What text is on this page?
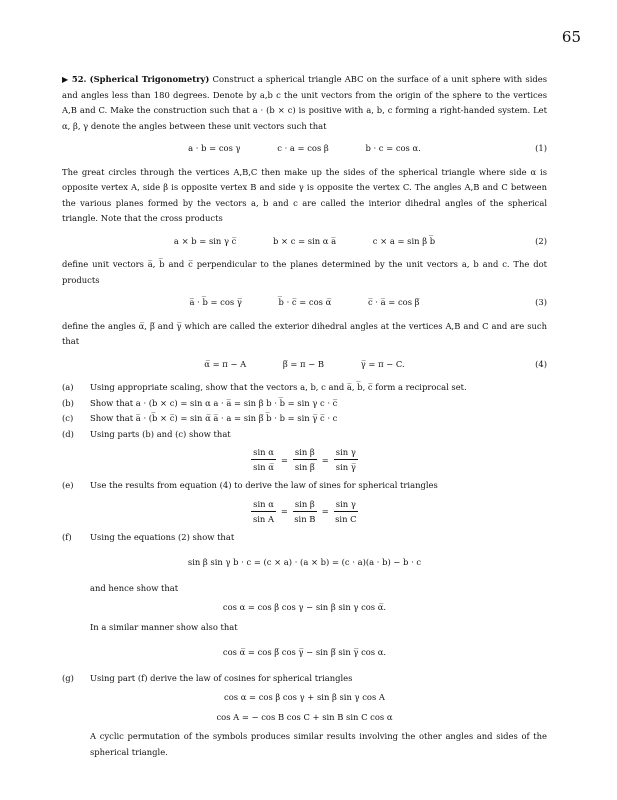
65

▶ 52. (Spherical Trigonometry) Construct a spherical triangle ABC on the surface of a unit sphere with sides and angles less than 180 degrees. Denote by a,b c the unit vectors from the origin of the sphere to the vertices A,B and C. Make the construction such that a · (b × c) is positive with a, b, c forming a right-handed system. Let α, β, γ denote the angles between these unit vectors such that

a · b = cos γ	c · a = cos β	b · c = cos α.	(1)

The great circles through the vertices A,B,C then make up the sides of the spherical triangle where side α is opposite vertex A, side β is opposite vertex B and side γ is opposite the vertex C. The angles A,B and C between the various planes formed by the vectors a, b and c are called the interior dihedral angles of the spherical triangle. Note that the cross products

a × b = sin γ c̅	b × c = sin α a̅	c × a = sin β b̅	(2)

define unit vectors a̅, b̅ and c̅ perpendicular to the planes determined by the unit vectors a, b and c. The dot products

a̅ · b̅ = cos γ̅	b̅ · c̅ = cos α̅	c̅ · a̅ = cos β̅	(3)

define the angles α̅, β̅ and γ̅ which are called the exterior dihedral angles at the vertices A,B and C and are such that

α̅ = π − A	β̅ = π − B	γ̅ = π − C.	(4)
(a) Using appropriate scaling, show that the vectors a, b, c and a̅, b̅, c̅ form a reciprocal set.
(b) Show that a · (b × c) = sin α a · a̅ = sin β b · b̅ = sin γ c · c̅
(c) Show that a̅ · (b̅ × c̅) = sin α̅ a̅ · a = sin β̅ b̅ · b = sin γ̅ c̅ · c
(d) Using parts (b) and (c) show that
$\frac{\text{sin α}}{\text{sin α̅}} = \frac{\text{sin β}}{\text{sin β̅}} = \frac{\text{sin γ}}{\text{sin γ̅}}$
(e) Use the results from equation (4) to derive the law of sines for spherical triangles
$\frac{\text{sin α}}{\text{sin A}} = \frac{\text{sin β}}{\text{sin B}} = \frac{\text{sin γ}}{\text{sin C}}$
(f) Using the equations (2) show that
sin β sin γ b · c = (c × a) · (a × b) = (c · a)(a · b) − b · c
and hence show that
cos α = cos β cos γ − sin β sin γ cos α̅.
In a similar manner show also that
cos α̅ = cos β̅ cos γ̅ − sin β̅ sin γ̅ cos α.
(g) Using part (f) derive the law of cosines for spherical triangles
cos α = cos β cos γ + sin β sin γ cos A
cos A = − cos B cos C + sin B sin C cos α

A cyclic permutation of the symbols produces similar results involving the other angles and sides of the spherical triangle.
